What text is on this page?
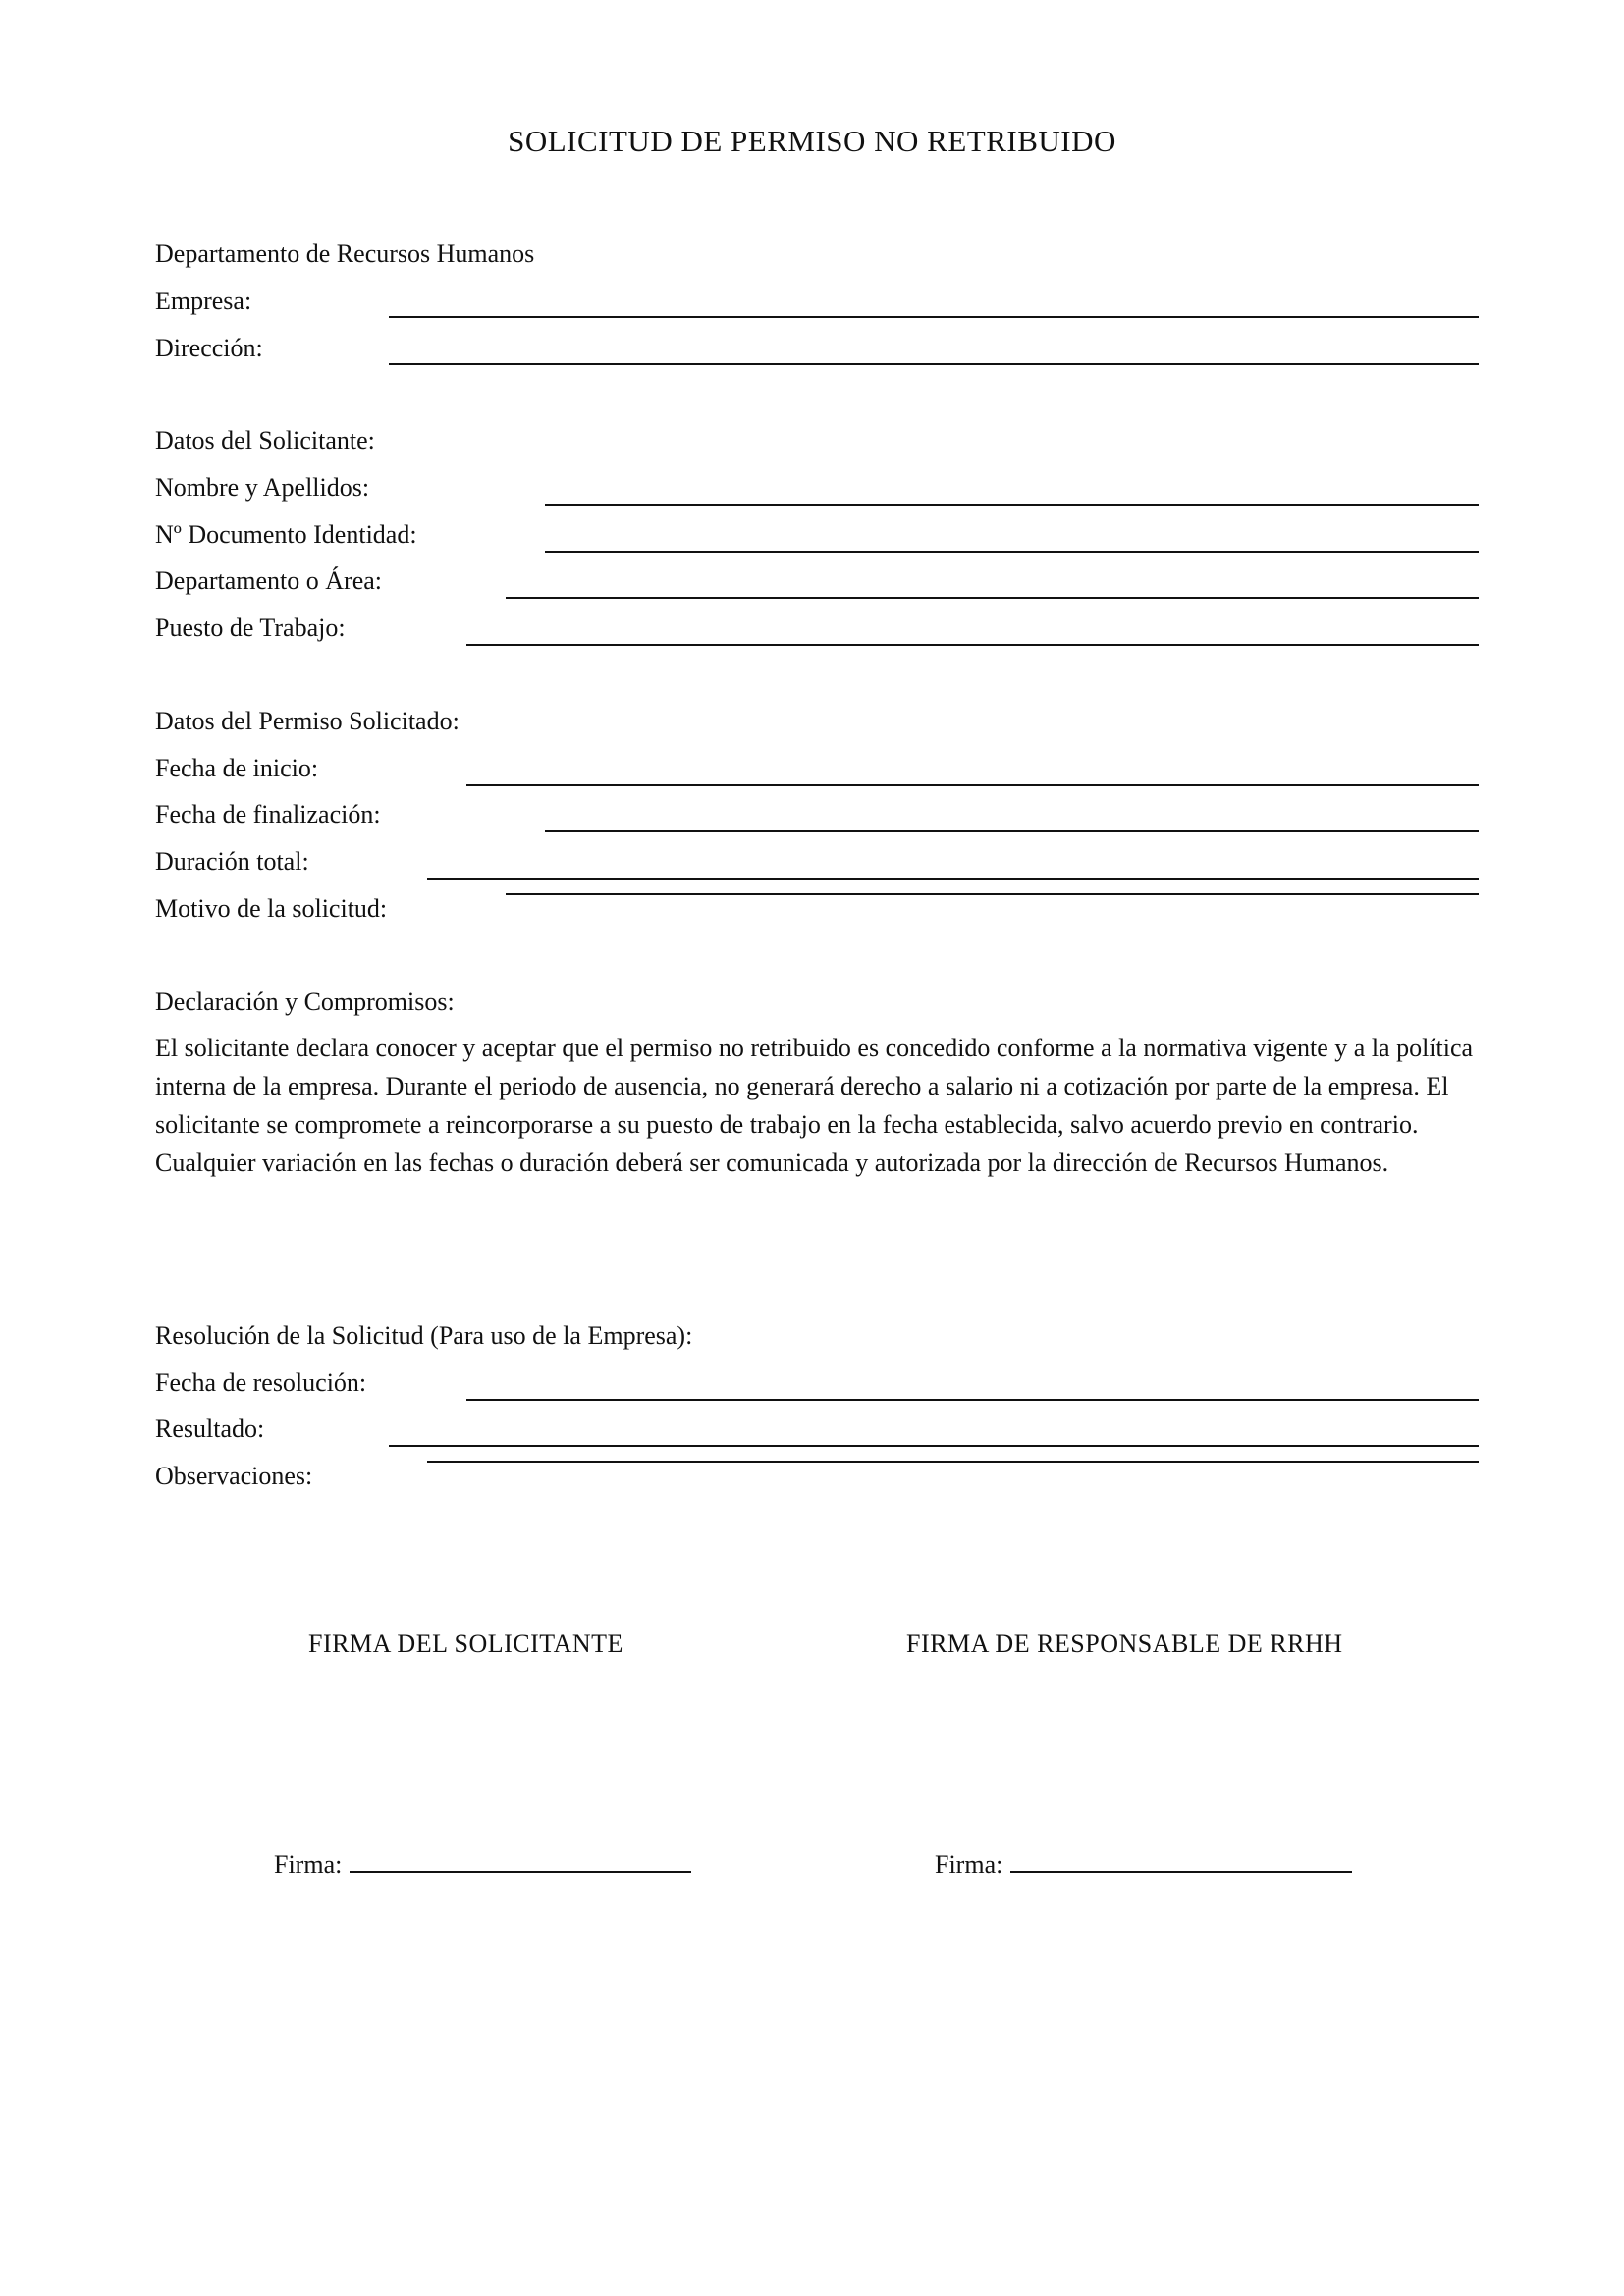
SOLICITUD DE PERMISO NO RETRIBUIDO
Departamento de Recursos Humanos
Empresa:
Dirección:
Datos del Solicitante:
Nombre y Apellidos:
Nº Documento Identidad:
Departamento o Área:
Puesto de Trabajo:
Datos del Permiso Solicitado:
Fecha de inicio:
Fecha de finalización:
Duración total:
Motivo de la solicitud:
Declaración y Compromisos:
El solicitante declara conocer y aceptar que el permiso no retribuido es concedido conforme a la normativa vigente y a la política interna de la empresa. Durante el periodo de ausencia, no generará derecho a salario ni a cotización por parte de la empresa. El solicitante se compromete a reincorporarse a su puesto de trabajo en la fecha establecida, salvo acuerdo previo en contrario. Cualquier variación en las fechas o duración deberá ser comunicada y autorizada por la dirección de Recursos Humanos.
Resolución de la Solicitud (Para uso de la Empresa):
Fecha de resolución:
Resultado:
Observaciones:
FIRMA DEL SOLICITANTE	FIRMA DE RESPONSABLE DE RRHH
Firma:	Firma:
